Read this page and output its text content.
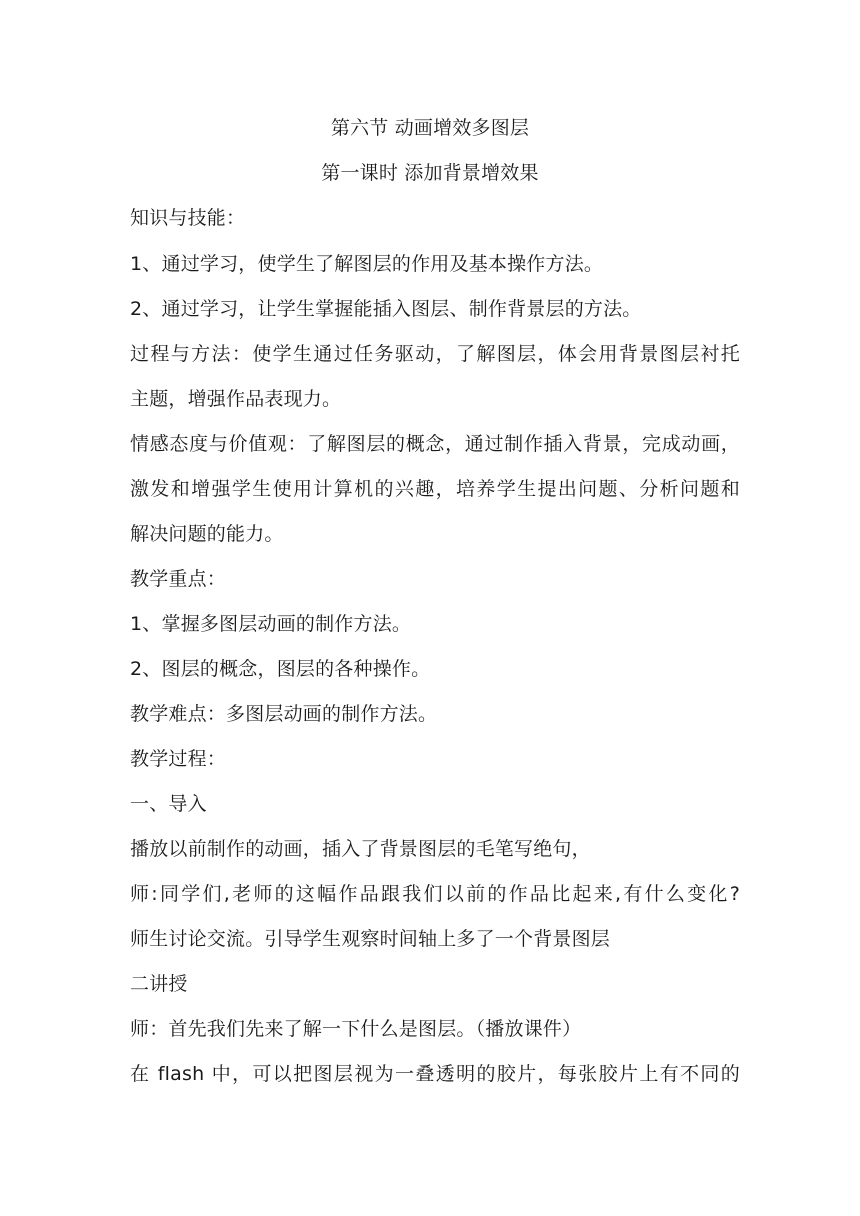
第六节 动画增效多图层
第一课时 添加背景增效果
知识与技能：
1、通过学习，使学生了解图层的作用及基本操作方法。
2、通过学习，让学生掌握能插入图层、制作背景层的方法。
过程与方法：使学生通过任务驱动，了解图层，体会用背景图层衬托
主题，增强作品表现力。
情感态度与价值观：了解图层的概念，通过制作插入背景，完成动画，
激发和增强学生使用计算机的兴趣，培养学生提出问题、分析问题和
解决问题的能力。
教学重点：
1、掌握多图层动画的制作方法。
2、图层的概念，图层的各种操作。
教学难点：多图层动画的制作方法。
教学过程：
一、导入
播放以前制作的动画，插入了背景图层的毛笔写绝句，
师:同学们,老师的这幅作品跟我们以前的作品比起来,有什么变化?
师生讨论交流。引导学生观察时间轴上多了一个背景图层
二讲授
师：首先我们先来了解一下什么是图层。（播放课件）
在 flash 中，可以把图层视为一叠透明的胶片，每张胶片上有不同的
